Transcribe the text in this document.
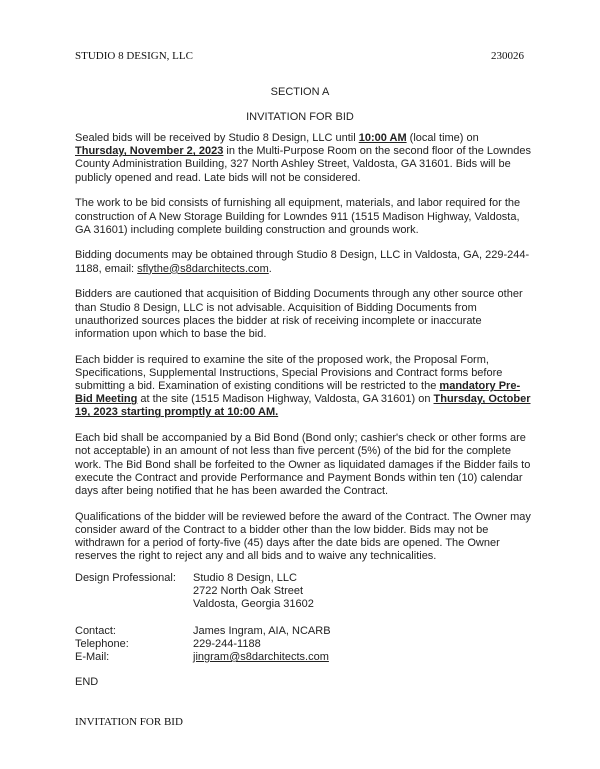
STUDIO 8 DESIGN, LLC	230026
SECTION A
INVITATION FOR BID

Sealed bids will be received by Studio 8 Design, LLC until 10:00 AM (local time) on Thursday, November 2, 2023 in the Multi-Purpose Room on the second floor of the Lowndes County Administration Building, 327 North Ashley Street, Valdosta, GA 31601. Bids will be publicly opened and read. Late bids will not be considered.

The work to be bid consists of furnishing all equipment, materials, and labor required for the construction of A New Storage Building for Lowndes 911 (1515 Madison Highway, Valdosta, GA 31601) including complete building construction and grounds work.

Bidding documents may be obtained through Studio 8 Design, LLC in Valdosta, GA, 229-244-1188, email: sflythe@s8darchitects.com.

Bidders are cautioned that acquisition of Bidding Documents through any other source other than Studio 8 Design, LLC is not advisable. Acquisition of Bidding Documents from unauthorized sources places the bidder at risk of receiving incomplete or inaccurate information upon which to base the bid.

Each bidder is required to examine the site of the proposed work, the Proposal Form, Specifications, Supplemental Instructions, Special Provisions and Contract forms before submitting a bid. Examination of existing conditions will be restricted to the mandatory Pre-Bid Meeting at the site (1515 Madison Highway, Valdosta, GA 31601) on Thursday, October 19, 2023 starting promptly at 10:00 AM.

Each bid shall be accompanied by a Bid Bond (Bond only; cashier's check or other forms are not acceptable) in an amount of not less than five percent (5%) of the bid for the complete work. The Bid Bond shall be forfeited to the Owner as liquidated damages if the Bidder fails to execute the Contract and provide Performance and Payment Bonds within ten (10) calendar days after being notified that he has been awarded the Contract.

Qualifications of the bidder will be reviewed before the award of the Contract. The Owner may consider award of the Contract to a bidder other than the low bidder. Bids may not be withdrawn for a period of forty-five (45) days after the date bids are opened. The Owner reserves the right to reject any and all bids and to waive any technicalities.

Design Professional:	Studio 8 Design, LLC
2722 North Oak Street
Valdosta, Georgia 31602
Contact:	James Ingram, AIA, NCARB
Telephone:	229-244-1188
E-Mail:	jingram@s8darchitects.com
END
INVITATION FOR BID
